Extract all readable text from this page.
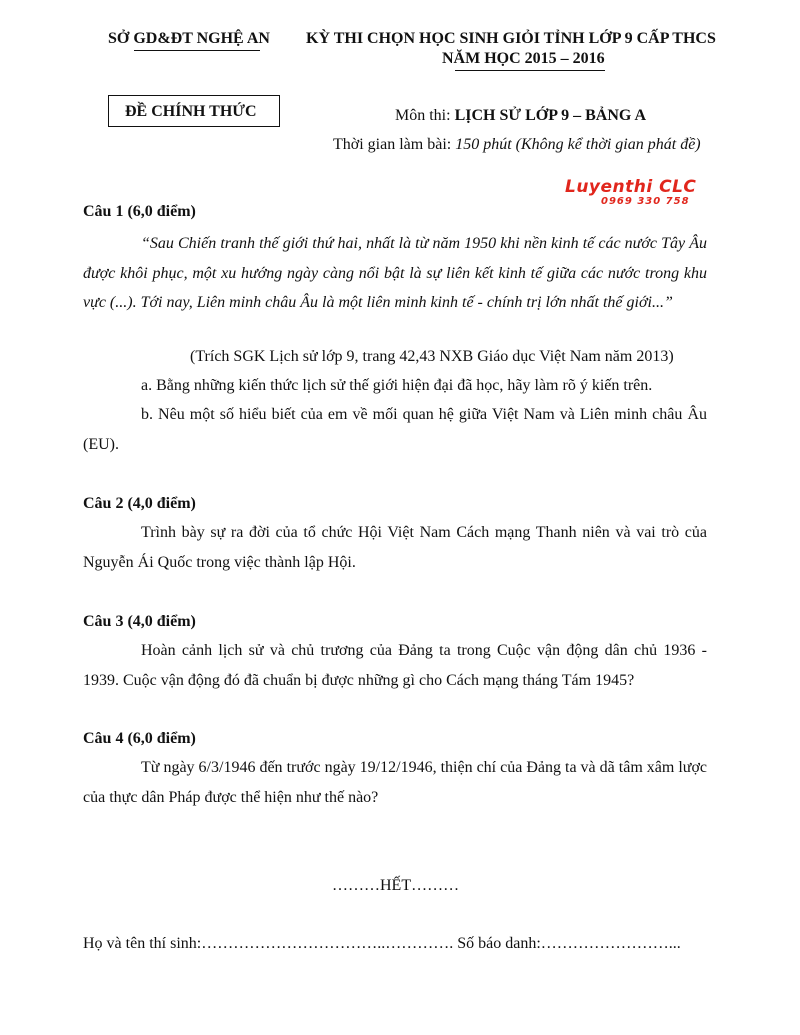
SỞ GD&ĐT NGHỆ AN KỲ THI CHỌN HỌC SINH GIỎI TỈNH LỚP 9 CẤP THCS
NĂM HỌC 2015 – 2016
ĐỀ CHÍNH THỨC	Môn thi: LỊCH SỬ LỚP 9 – BẢNG A
Thời gian làm bài: 150 phút (Không kể thời gian phát đề)
Luyenthi CLC
0969 330 758
Câu 1 (6,0 điểm)
“Sau Chiến tranh thế giới thứ hai, nhất là từ năm 1950 khi nền kinh tế các nước Tây Âu được khôi phục, một xu hướng ngày càng nổi bật là sự liên kết kinh tế giữa các nước trong khu vực (...). Tới nay, Liên minh châu Âu là một liên minh kinh tế - chính trị lớn nhất thế giới...”
(Trích SGK Lịch sử lớp 9, trang 42,43 NXB Giáo dục Việt Nam năm 2013)
a. Bằng những kiến thức lịch sử thế giới hiện đại đã học, hãy làm rõ ý kiến trên.
b. Nêu một số hiểu biết của em về mối quan hệ giữa Việt Nam và Liên minh châu Âu (EU).
Câu 2 (4,0 điểm)
Trình bày sự ra đời của tổ chức Hội Việt Nam Cách mạng Thanh niên và vai trò của Nguyễn Ái Quốc trong việc thành lập Hội.
Câu 3 (4,0 điểm)
Hoàn cảnh lịch sử và chủ trương của Đảng ta trong Cuộc vận động dân chủ 1936 - 1939. Cuộc vận động đó đã chuẩn bị được những gì cho Cách mạng tháng Tám 1945?
Câu 4 (6,0 điểm)
Từ ngày 6/3/1946 đến trước ngày 19/12/1946, thiện chí của Đảng ta và dã tâm xâm lược của thực dân Pháp được thể hiện như thế nào?
………HẾT………
Họ và tên thí sinh:……………………………..…………. Số báo danh:……………………...
